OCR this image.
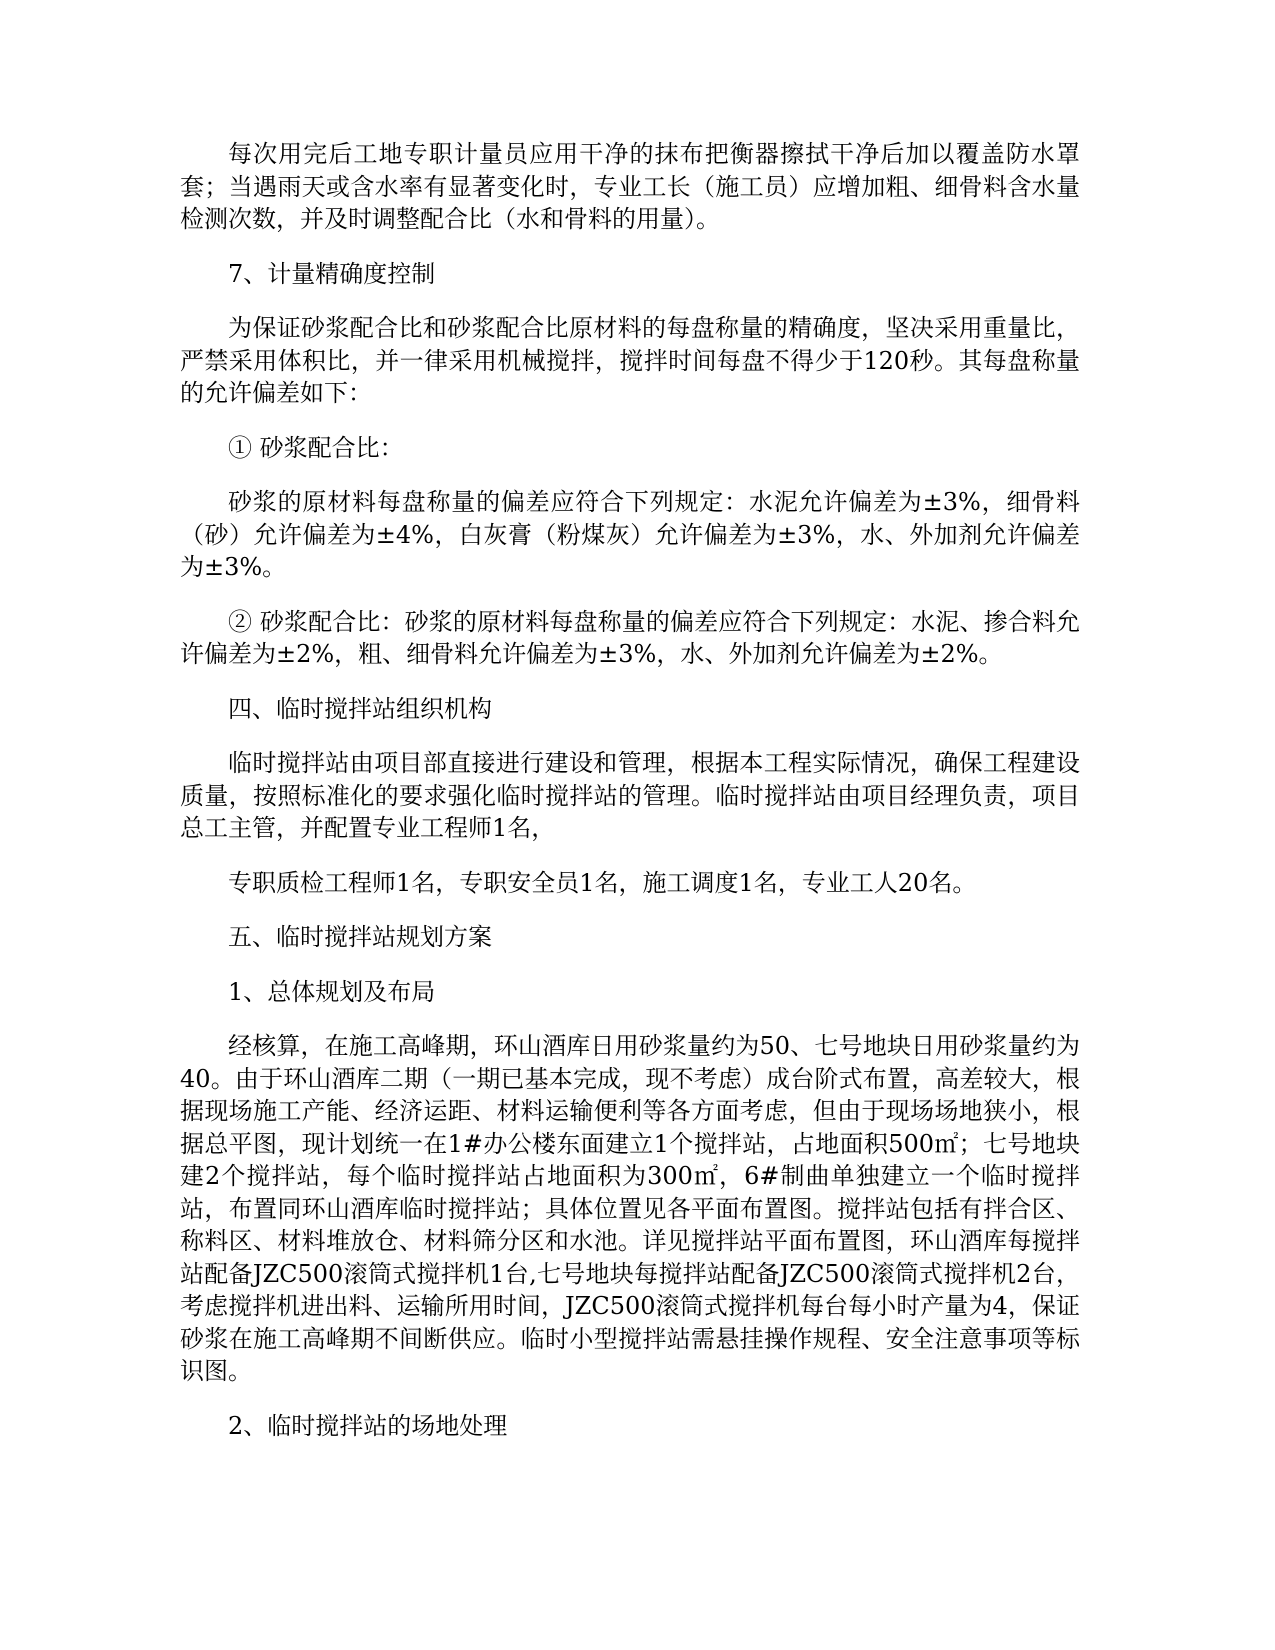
每次用完后工地专职计量员应用干净的抹布把衡器擦拭干净后加以覆盖防水罩套；当遇雨天或含水率有显著变化时，专业工长（施工员）应增加粗、细骨料含水量检测次数，并及时调整配合比（水和骨料的用量）。

7、计量精确度控制

为保证砂浆配合比和砂浆配合比原材料的每盘称量的精确度，坚决采用重量比，严禁采用体积比，并一律采用机械搅拌，搅拌时间每盘不得少于120秒。其每盘称量的允许偏差如下：

① 砂浆配合比：

砂浆的原材料每盘称量的偏差应符合下列规定：水泥允许偏差为±3%，细骨料（砂）允许偏差为±4%，白灰膏（粉煤灰）允许偏差为±3%，水、外加剂允许偏差为±3%。

② 砂浆配合比：砂浆的原材料每盘称量的偏差应符合下列规定：水泥、掺合料允许偏差为±2%，粗、细骨料允许偏差为±3%，水、外加剂允许偏差为±2%。

四、临时搅拌站组织机构

临时搅拌站由项目部直接进行建设和管理，根据本工程实际情况，确保工程建设质量，按照标准化的要求强化临时搅拌站的管理。临时搅拌站由项目经理负责，项目总工主管，并配置专业工程师1名，

专职质检工程师1名，专职安全员1名，施工调度1名，专业工人20名。

五、临时搅拌站规划方案

1、总体规划及布局

经核算，在施工高峰期，环山酒库日用砂浆量约为50、七号地块日用砂浆量约为40。由于环山酒库二期（一期已基本完成，现不考虑）成台阶式布置，高差较大，根据现场施工产能、经济运距、材料运输便利等各方面考虑，但由于现场场地狭小，根据总平图，现计划统一在1#办公楼东面建立1个搅拌站，占地面积500㎡；七号地块建2个搅拌站，每个临时搅拌站占地面积为300㎡，6#制曲单独建立一个临时搅拌站，布置同环山酒库临时搅拌站；具体位置见各平面布置图。搅拌站包括有拌合区、称料区、材料堆放仓、材料筛分区和水池。详见搅拌站平面布置图，环山酒库每搅拌站配备JZC500滚筒式搅拌机1台,七号地块每搅拌站配备JZC500滚筒式搅拌机2台，考虑搅拌机进出料、运输所用时间，JZC500滚筒式搅拌机每台每小时产量为4，保证砂浆在施工高峰期不间断供应。临时小型搅拌站需悬挂操作规程、安全注意事项等标识图。

2、临时搅拌站的场地处理
